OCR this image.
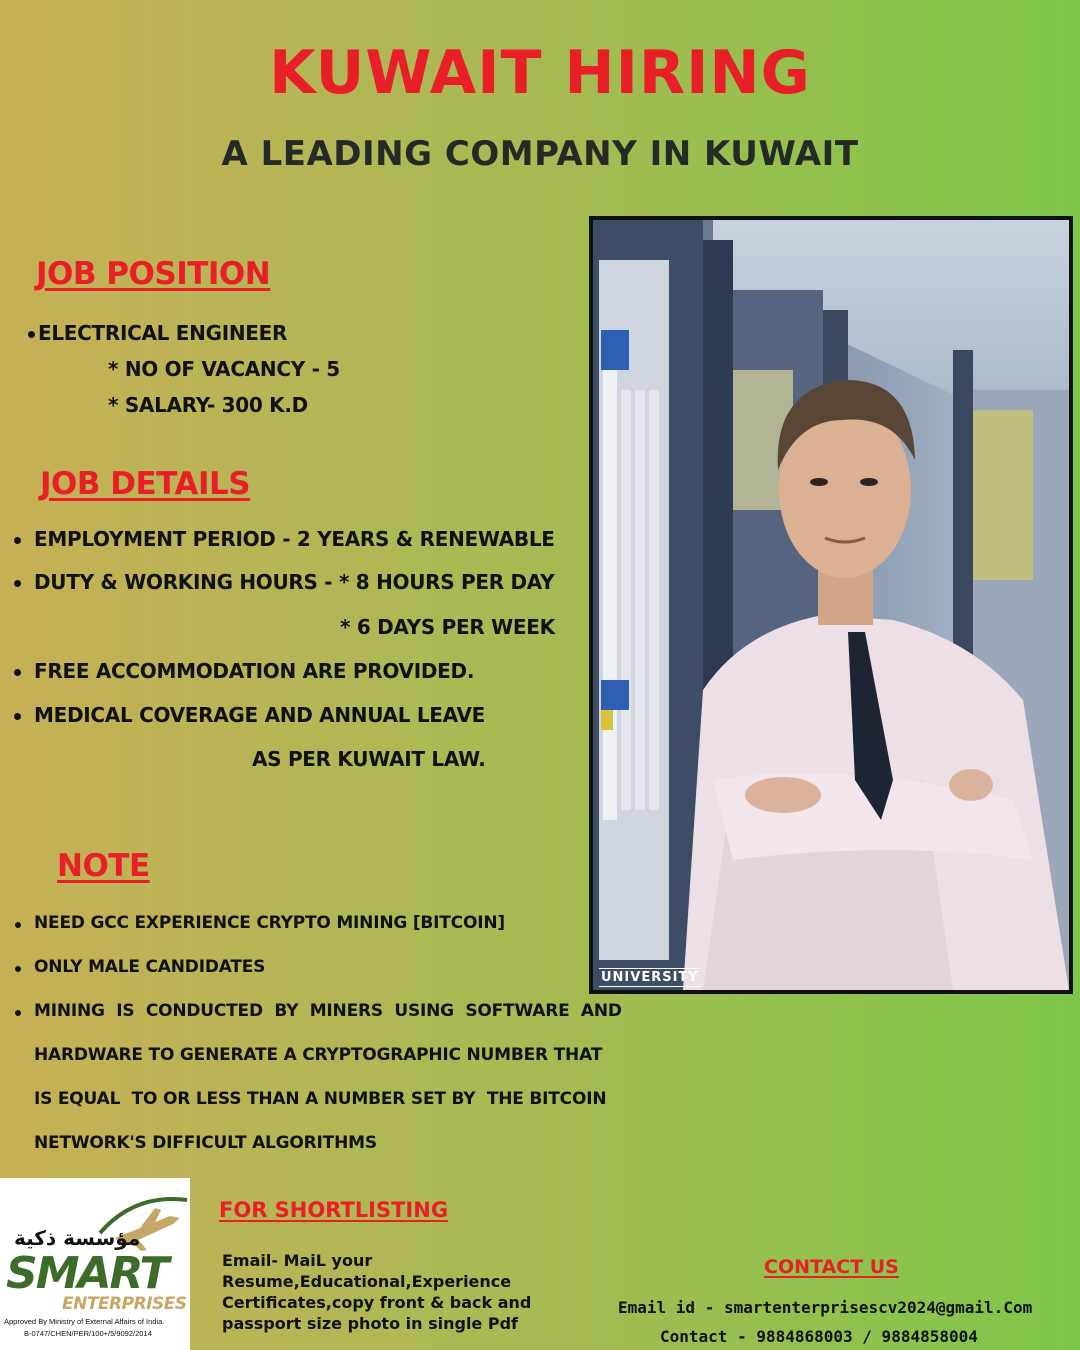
KUWAIT HIRING
A LEADING COMPANY IN KUWAIT
JOB POSITION
ELECTRICAL ENGINEER
* NO OF VACANCY - 5
* SALARY- 300 K.D
JOB DETAILS
EMPLOYMENT PERIOD - 2 YEARS & RENEWABLE
DUTY & WORKING HOURS - * 8 HOURS PER DAY
* 6 DAYS PER WEEK
FREE ACCOMMODATION ARE PROVIDED.
MEDICAL COVERAGE AND ANNUAL LEAVE
AS PER KUWAIT LAW.
NOTE
NEED GCC EXPERIENCE CRYPTO MINING [BITCOIN]
ONLY MALE CANDIDATES
MINING  IS  CONDUCTED  BY  MINERS  USING  SOFTWARE  AND
HARDWARE TO GENERATE A CRYPTOGRAPHIC NUMBER THAT
IS EQUAL  TO OR LESS THAN A NUMBER SET BY  THE BITCOIN
NETWORK'S DIFFICULT ALGORITHMS
UNIVERSITY
مؤسسة ذكية
SMART
ENTERPRISES
Approved By Ministry of External Affairs of India.
B-0747/CHEN/PER/100+/5/9092/2014
FOR SHORTLISTING
Email- MaiL your
Resume,Educational,Experience
Certificates,copy front & back and
passport size photo in single Pdf
CONTACT US
Email id - smartenterprisescv2024@gmail.Com
Contact - 9884868003 / 9884858004
